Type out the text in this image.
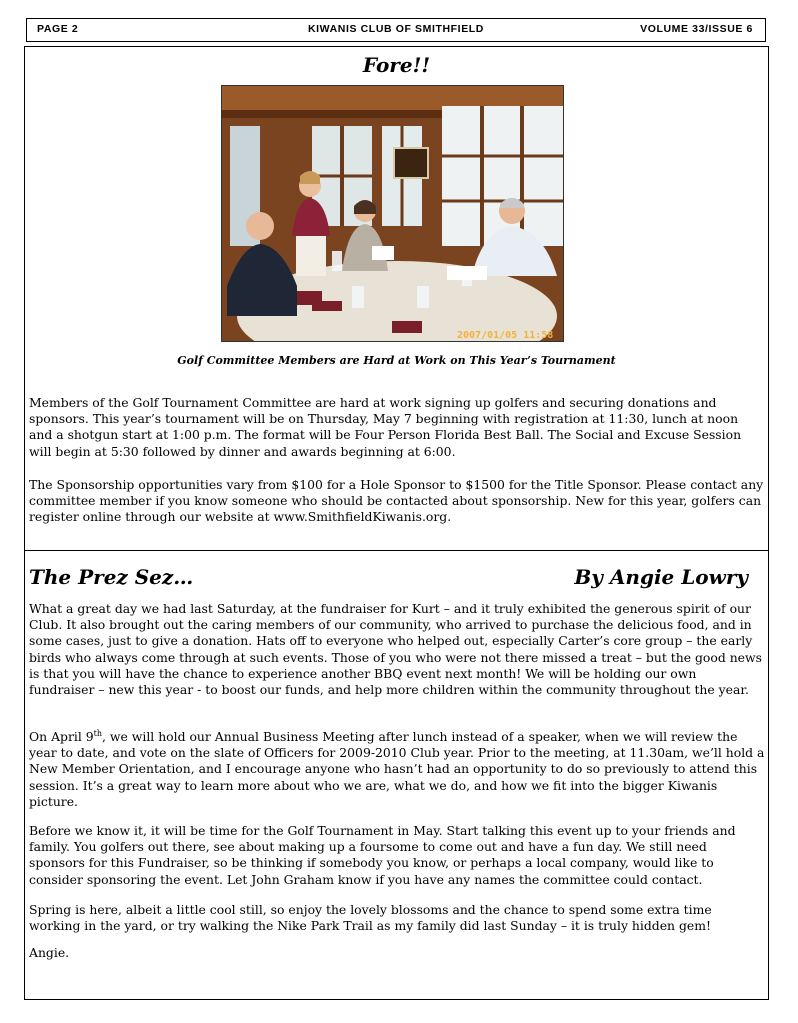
PAGE 2	KIWANIS CLUB OF SMITHFIELD	VOLUME 33/ISSUE 6
Fore!!
2007/01/05 11:58
Golf Committee Members are Hard at Work on This Year’s Tournament

Members of the Golf Tournament Committee are hard at work signing up golfers and securing donations and sponsors. This year’s tournament will be on Thursday, May 7 beginning with registration at 11:30, lunch at noon and a shotgun start at 1:00 p.m. The format will be Four Person Florida Best Ball. The Social and Excuse Session will begin at 5:30 followed by dinner and awards beginning at 6:00.

The Sponsorship opportunities vary from $100 for a Hole Sponsor to $1500 for the Title Sponsor. Please contact any committee member if you know someone who should be contacted about sponsorship. New for this year, golfers can register online through our website at www.SmithfieldKiwanis.org.

The Prez Sez…	By Angie Lowry

What a great day we had last Saturday, at the fundraiser for Kurt – and it truly exhibited the generous spirit of our Club. It also brought out the caring members of our community, who arrived to purchase the delicious food, and in some cases, just to give a donation. Hats off to everyone who helped out, especially Carter’s core group – the early birds who always come through at such events. Those of you who were not there missed a treat – but the good news is that you will have the chance to experience another BBQ event next month! We will be holding our own fundraiser – new this year - to boost our funds, and help more children within the community throughout the year.

On April 9th, we will hold our Annual Business Meeting after lunch instead of a speaker, when we will review the year to date, and vote on the slate of Officers for 2009-2010 Club year. Prior to the meeting, at 11.30am, we’ll hold a New Member Orientation, and I encourage anyone who hasn’t had an opportunity to do so previously to attend this session. It’s a great way to learn more about who we are, what we do, and how we fit into the bigger Kiwanis picture.

Before we know it, it will be time for the Golf Tournament in May. Start talking this event up to your friends and family. You golfers out there, see about making up a foursome to come out and have a fun day. We still need sponsors for this Fundraiser, so be thinking if somebody you know, or perhaps a local company, would like to consider sponsoring the event. Let John Graham know if you have any names the committee could contact.

Spring is here, albeit a little cool still, so enjoy the lovely blossoms and the chance to spend some extra time working in the yard, or try walking the Nike Park Trail as my family did last Sunday – it is truly hidden gem!

Angie.
